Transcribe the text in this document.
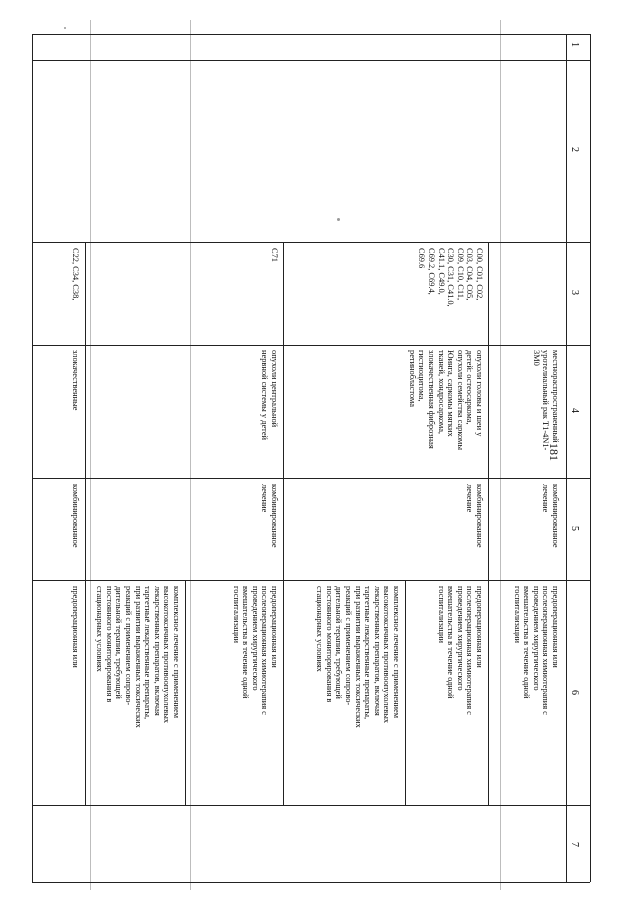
181
1
2
3
4
5
6
7
местнораспространенный
уротелиальный рак T1-4N1-
3M0
комбинированное
лечение
предоперационная или
послеоперационная химиотерапия с
проведением хирургического
вмешательства в течение одной
госпитализации
C00, C01, C02,
C03, C04, C05,
C09, C10, C11,
C30, C31, C41.0,
C41.1, C49.0,
C69.2, C69.4,
C69.6
опухоли головы и шеи у
детей: остеосаркома,
опухоли семейства саркомы
Юинга, саркомы мягких
тканей, хондросаркома,
злокачественная фиброзная
гистиоцитома,
ретинобластома
комбинированное
лечение
предоперационная или
послеоперационная химиотерапия с
проведением хирургического
вмешательства в течение одной
госпитализации
комплексное лечение с применением
высокотоксичных противоопухолевых
лекарственных препаратов, включая
таргетные лекарственные препараты,
при развитии выраженных токсических
реакций с применением сопрово-
дительной терапии, требующей
постоянного мониторирования в
стационарных условиях
C71
опухоли центральной
нервной системы у детей
комбинированное
лечение
предоперационная или
послеоперационная химиотерапия с
проведением хирургического
вмешательства в течение одной
госпитализации
комплексное лечение с применением
высокотоксичных противоопухолевых
лекарственных препаратов, включая
таргетные лекарственные препараты,
при развитии выраженных токсических
реакций с применением сопрово-
дительной терапии, требующей
постоянного мониторирования в
стационарных условиях
C22, C34, C38,
злокачественные
комбинированное
предоперационная или
